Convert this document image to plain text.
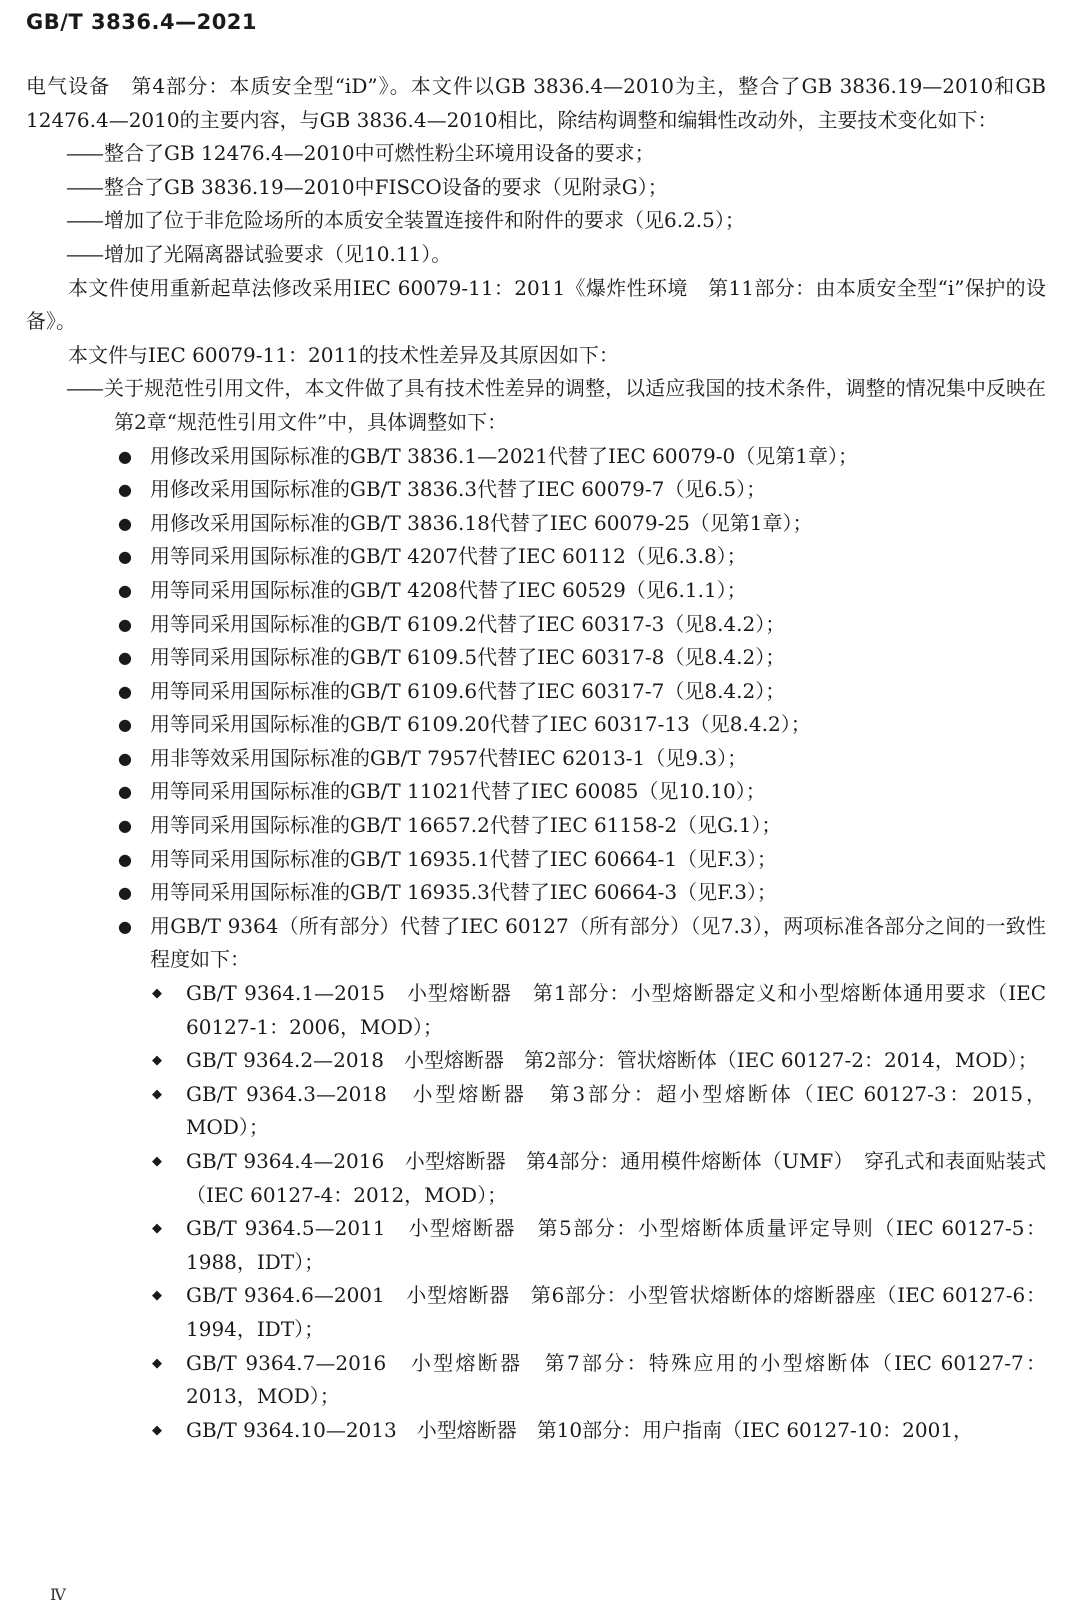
GB/T 3836.4—2021

电气设备　第4部分：本质安全型“iD”》。本文件以GB 3836.4—2010为主，整合了GB 3836.19—2010和GB 12476.4—2010的主要内容，与GB 3836.4—2010相比，除结构调整和编辑性改动外，主要技术变化如下：

—— 整合了GB 12476.4—2010中可燃性粉尘环境用设备的要求；

—— 整合了GB 3836.19—2010中FISCO设备的要求（见附录G）；

—— 增加了位于非危险场所的本质安全装置连接件和附件的要求（见6.2.5）；

—— 增加了光隔离器试验要求（见10.11）。

本文件使用重新起草法修改采用IEC 60079-11：2011《爆炸性环境　第11部分：由本质安全型“i”保护的设备》。

本文件与IEC 60079-11：2011的技术性差异及其原因如下：

—— 关于规范性引用文件，本文件做了具有技术性差异的调整，以适应我国的技术条件，调整的情况集中反映在第2章“规范性引用文件”中，具体调整如下：

● 用修改采用国际标准的GB/T 3836.1—2021代替了IEC 60079-0（见第1章）；

● 用修改采用国际标准的GB/T 3836.3代替了IEC 60079-7（见6.5）；

● 用修改采用国际标准的GB/T 3836.18代替了IEC 60079-25（见第1章）；

● 用等同采用国际标准的GB/T 4207代替了IEC 60112（见6.3.8）；

● 用等同采用国际标准的GB/T 4208代替了IEC 60529（见6.1.1）；

● 用等同采用国际标准的GB/T 6109.2代替了IEC 60317-3（见8.4.2）；

● 用等同采用国际标准的GB/T 6109.5代替了IEC 60317-8（见8.4.2）；

● 用等同采用国际标准的GB/T 6109.6代替了IEC 60317-7（见8.4.2）；

● 用等同采用国际标准的GB/T 6109.20代替了IEC 60317-13（见8.4.2）；

● 用非等效采用国际标准的GB/T 7957代替IEC 62013-1（见9.3）；

● 用等同采用国际标准的GB/T 11021代替了IEC 60085（见10.10）；

● 用等同采用国际标准的GB/T 16657.2代替了IEC 61158-2（见G.1）；

● 用等同采用国际标准的GB/T 16935.1代替了IEC 60664-1（见F.3）；

● 用等同采用国际标准的GB/T 16935.3代替了IEC 60664-3（见F.3）；

● 用GB/T 9364（所有部分）代替了IEC 60127（所有部分）（见7.3），两项标准各部分之间的一致性程度如下：

◆ GB/T 9364.1—2015　小型熔断器　第1部分：小型熔断器定义和小型熔断体通用要求（IEC 60127-1：2006，MOD）；

◆ GB/T 9364.2—2018　小型熔断器　第2部分：管状熔断体（IEC 60127-2：2014，MOD）；

◆ GB/T 9364.3—2018　小型熔断器　第3部分：超小型熔断体（IEC 60127-3：2015，MOD）；

◆ GB/T 9364.4—2016　小型熔断器　第4部分：通用模件熔断体（UMF）　穿孔式和表面贴装式（IEC 60127-4：2012，MOD）；

◆ GB/T 9364.5—2011　小型熔断器　第5部分：小型熔断体质量评定导则（IEC 60127-5：1988，IDT）；

◆ GB/T 9364.6—2001　小型熔断器　第6部分：小型管状熔断体的熔断器座（IEC 60127-6：1994，IDT）；

◆ GB/T 9364.7—2016　小型熔断器　第7部分：特殊应用的小型熔断体（IEC 60127-7：2013，MOD）；

◆ GB/T 9364.10—2013　小型熔断器　第10部分：用户指南（IEC 60127-10：2001，

Ⅳ
